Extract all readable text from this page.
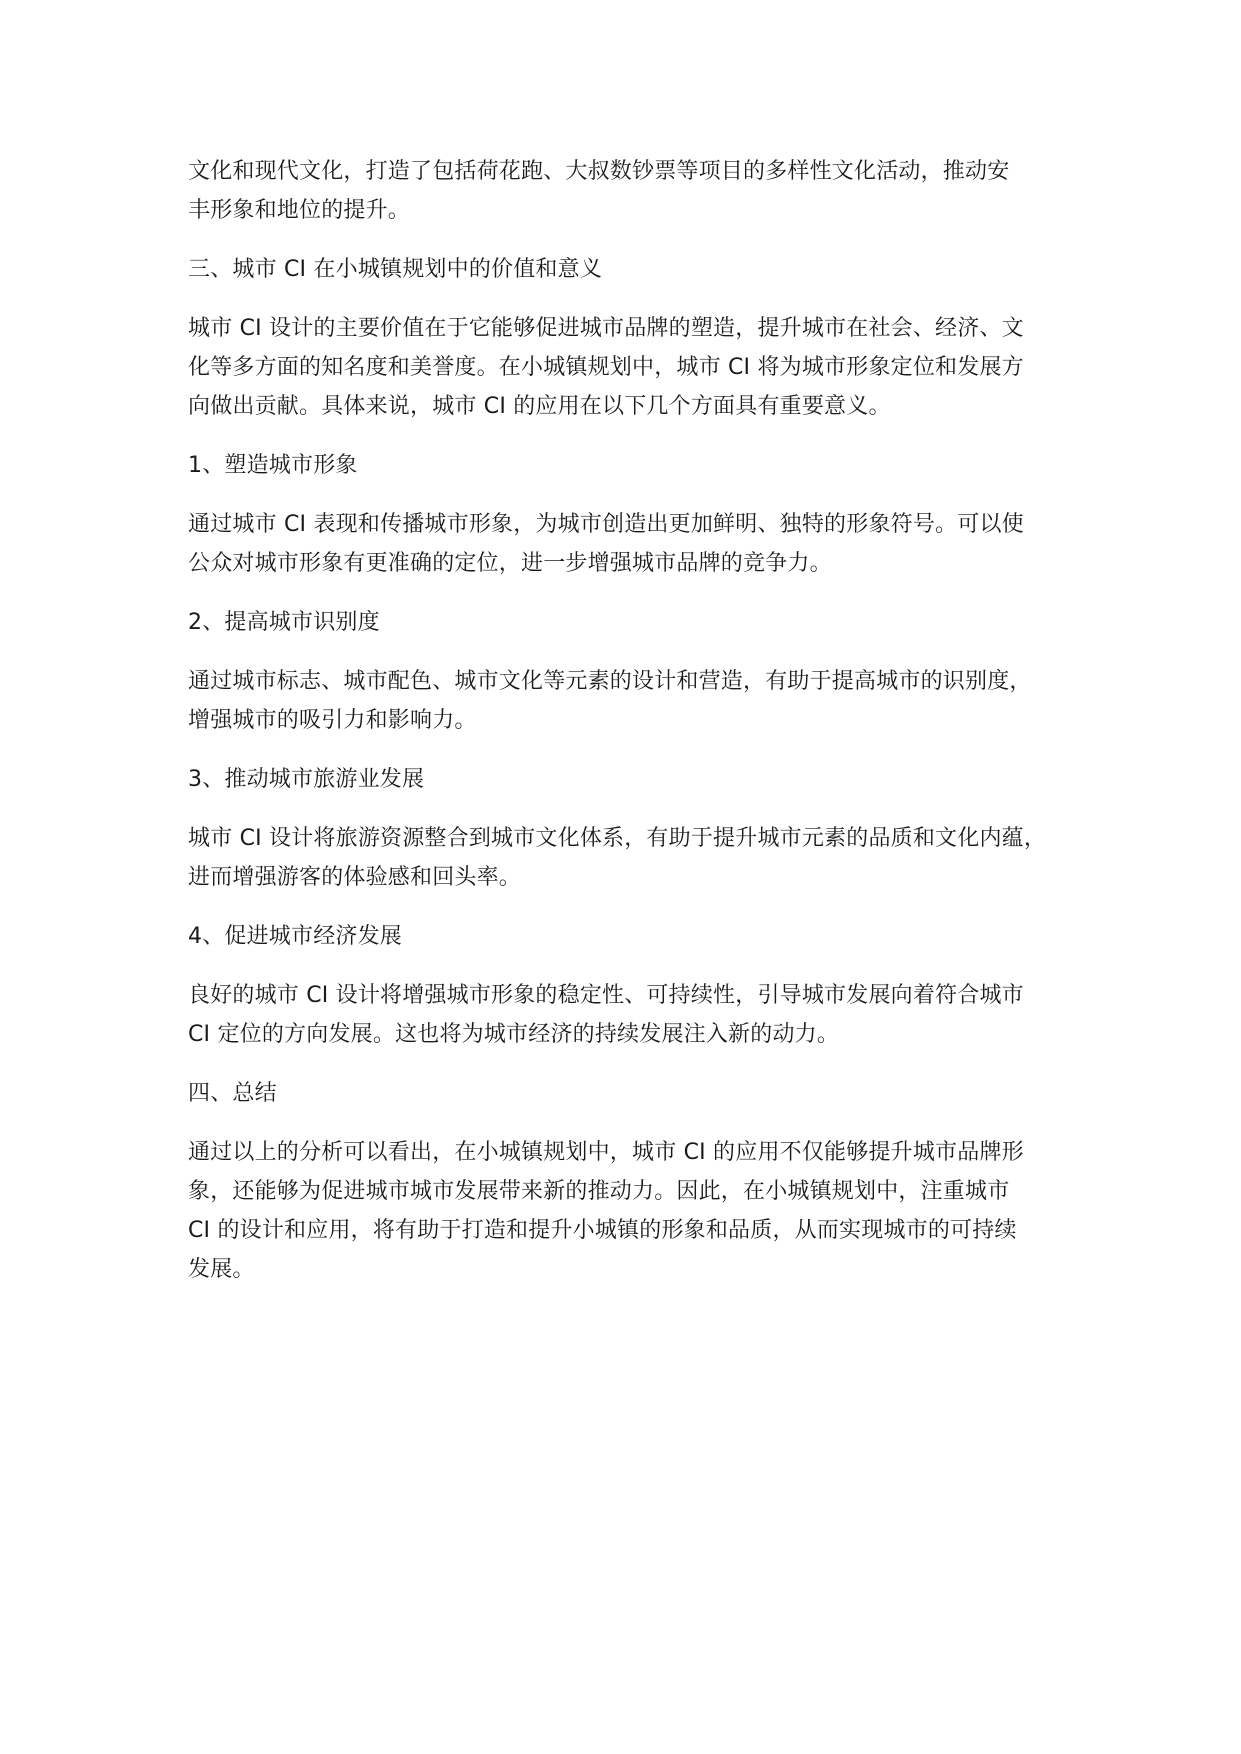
文化和现代文化，打造了包括荷花跑、大叔数钞票等项目的多样性文化活动，推动安
丰形象和地位的提升。

三、城市 CI 在小城镇规划中的价值和意义

城市 CI 设计的主要价值在于它能够促进城市品牌的塑造，提升城市在社会、经济、文
化等多方面的知名度和美誉度。在小城镇规划中，城市 CI 将为城市形象定位和发展方
向做出贡献。具体来说，城市 CI 的应用在以下几个方面具有重要意义。

1、塑造城市形象

通过城市 CI 表现和传播城市形象，为城市创造出更加鲜明、独特的形象符号。可以使
公众对城市形象有更准确的定位，进一步增强城市品牌的竞争力。

2、提高城市识别度

通过城市标志、城市配色、城市文化等元素的设计和营造，有助于提高城市的识别度，
增强城市的吸引力和影响力。

3、推动城市旅游业发展

城市 CI 设计将旅游资源整合到城市文化体系，有助于提升城市元素的品质和文化内蕴，
进而增强游客的体验感和回头率。

4、促进城市经济发展

良好的城市 CI 设计将增强城市形象的稳定性、可持续性，引导城市发展向着符合城市
CI 定位的方向发展。这也将为城市经济的持续发展注入新的动力。

四、总结

通过以上的分析可以看出，在小城镇规划中，城市 CI 的应用不仅能够提升城市品牌形
象，还能够为促进城市城市发展带来新的推动力。因此，在小城镇规划中，注重城市
CI 的设计和应用，将有助于打造和提升小城镇的形象和品质，从而实现城市的可持续
发展。
